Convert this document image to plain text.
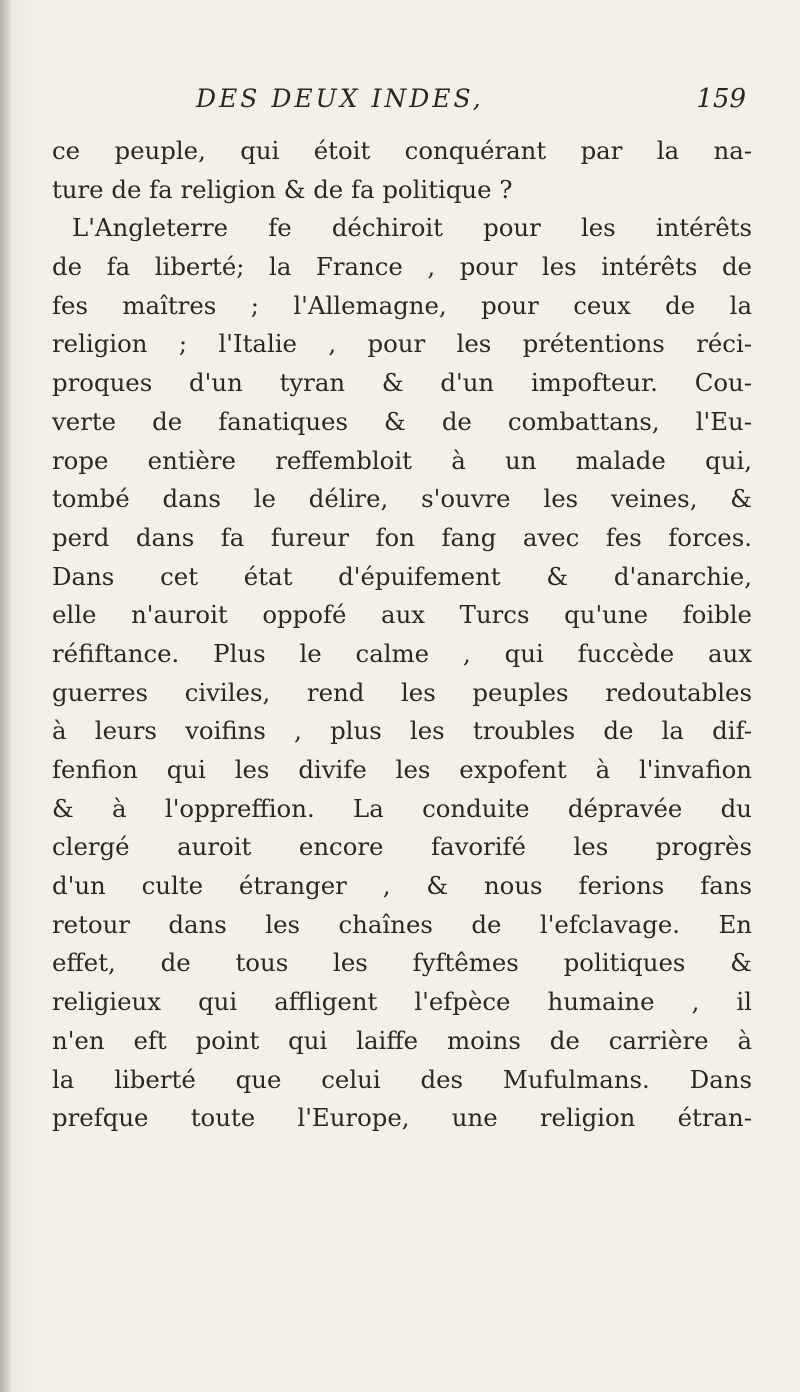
DES DEUX INDES,	159
ce peuple, qui étoit conquérant par la na-
ture de fa religion & de fa politique ?
L'Angleterre fe déchiroit pour les intérêts
de fa liberté; la France , pour les intérêts de
fes maîtres ; l'Allemagne, pour ceux de la
religion ; l'Italie , pour les prétentions réci-
proques d'un tyran & d'un impofteur. Cou-
verte de fanatiques & de combattans, l'Eu-
rope entière reffembloit à un malade qui,
tombé dans le délire, s'ouvre les veines, &
perd dans fa fureur fon fang avec fes forces.
Dans cet état d'épuifement & d'anarchie,
elle n'auroit oppofé aux Turcs qu'une foible
réfiftance. Plus le calme , qui fuccède aux
guerres civiles, rend les peuples redoutables
à leurs voifins , plus les troubles de la dif-
fenfion qui les divife les expofent à l'invafion
& à l'oppreffion. La conduite dépravée du
clergé auroit encore favorifé les progrès
d'un culte étranger , & nous ferions fans
retour dans les chaînes de l'efclavage. En
effet, de tous les fyftêmes politiques &
religieux qui affligent l'efpèce humaine , il
n'en eft point qui laiffe moins de carrière à
la liberté que celui des Mufulmans. Dans
prefque toute l'Europe, une religion étran-
